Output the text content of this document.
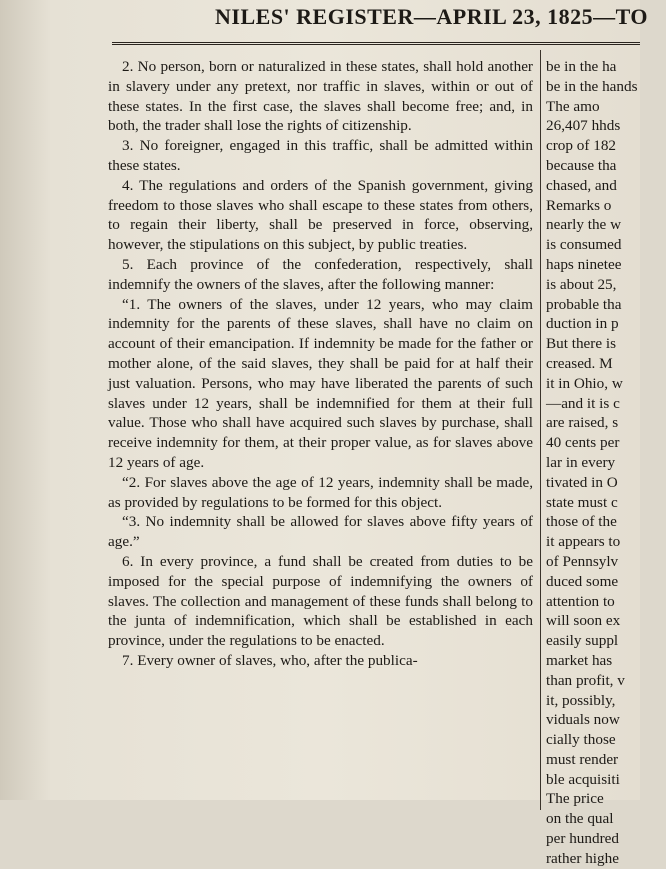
NILES' REGISTER—APRIL 23, 1825—TO

2. No person, born or naturalized in these states, shall hold another in slavery under any pretext, nor traffic in slaves, within or out of these states. In the first case, the slaves shall become free; and, in both, the trader shall lose the rights of citizenship.

3. No foreigner, engaged in this traffic, shall be admitted within these states.

4. The regulations and orders of the Spanish government, giving freedom to those slaves who shall escape to these states from others, to regain their liberty, shall be preserved in force, observing, however, the stipulations on this subject, by public treaties.

5. Each province of the confederation, respectively, shall indemnify the owners of the slaves, after the following manner:

“1. The owners of the slaves, under 12 years, who may claim indemnity for the parents of these slaves, shall have no claim on account of their emancipation. If indemnity be made for the father or mother alone, of the said slaves, they shall be paid for at half their just valuation. Persons, who may have liberated the parents of such slaves under 12 years, shall be indemnified for them at their full value. Those who shall have acquired such slaves by purchase, shall receive indemnity for them, at their proper value, as for slaves above 12 years of age.

“2. For slaves above the age of 12 years, indemnity shall be made, as provided by regulations to be formed for this object.

“3. No indemnity shall be allowed for slaves above fifty years of age.”

6. In every province, a fund shall be created from duties to be imposed for the special purpose of indemnifying the owners of slaves. The collection and management of these funds shall belong to the junta of indemnification, which shall be established in each province, under the regulations to be enacted.

7. Every owner of slaves, who, after the publica-

be in the ha
be in the hands
The amo
26,407 hhds
crop of 182
because tha
chased, and
Remarks o
nearly the w
is consumed
haps ninetee
is about 25,
probable tha
duction in p
But there is
creased. M
it in Ohio, w
—and it is c
are raised, s
40 cents per
lar in every
tivated in O
state must c
those of the
it appears to
of Pennsylv
duced some
attention to
will soon ex
easily suppl
market has
than profit, v
it, possibly,
viduals now
cially those
must render
ble acquisiti
The price
on the qual
per hundred
rather highe
